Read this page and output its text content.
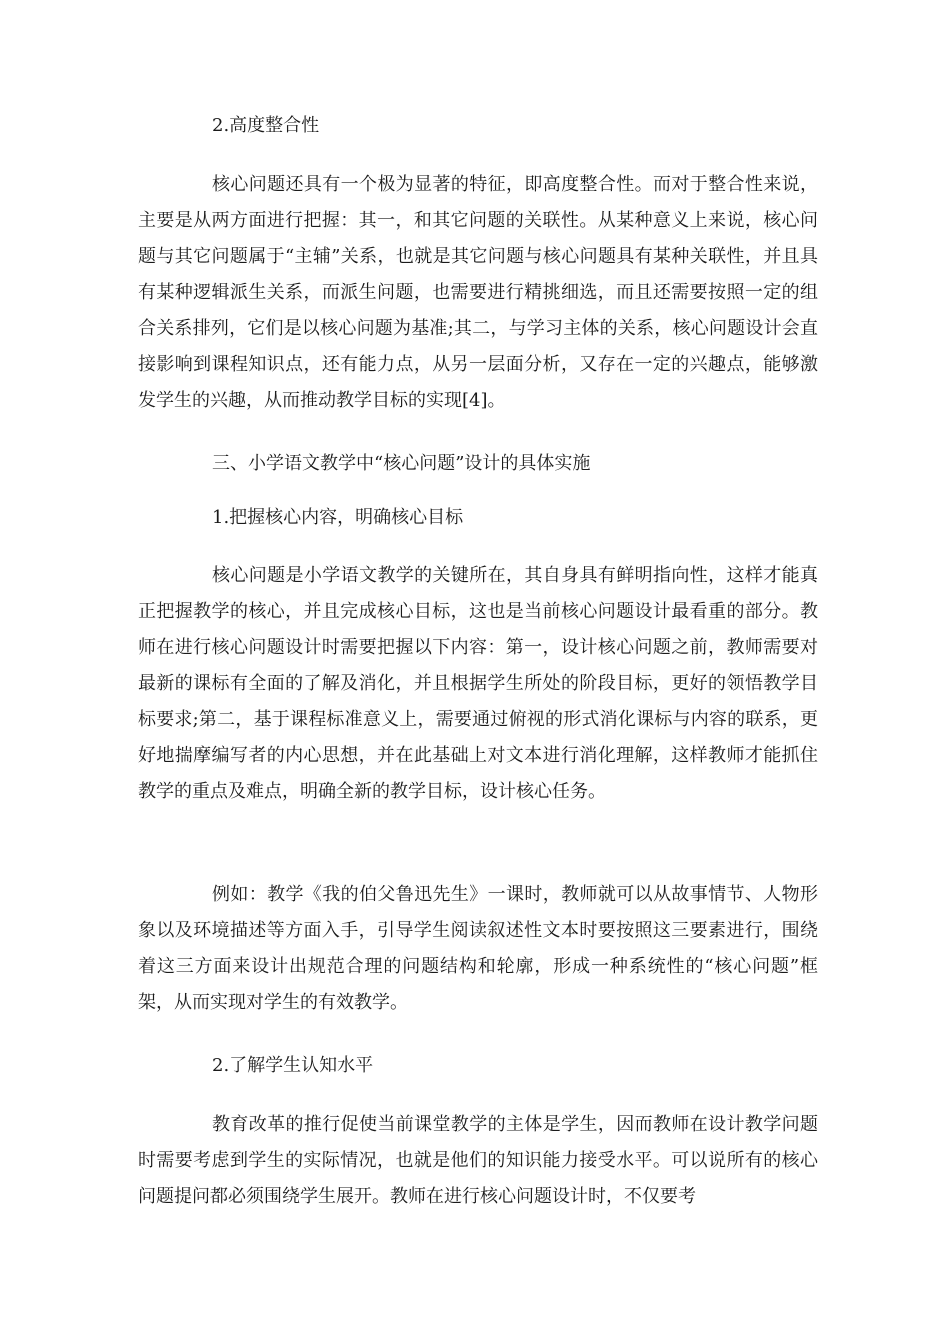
2.高度整合性
核心问题还具有一个极为显著的特征，即高度整合性。而对于整合性来说，主要是从两方面进行把握：其一，和其它问题的关联性。从某种意义上来说，核心问题与其它问题属于“主辅”关系，也就是其它问题与核心问题具有某种关联性，并且具有某种逻辑派生关系，而派生问题，也需要进行精挑细选，而且还需要按照一定的组合关系排列，它们是以核心问题为基准;其二，与学习主体的关系，核心问题设计会直接影响到课程知识点，还有能力点，从另一层面分析，又存在一定的兴趣点，能够激发学生的兴趣，从而推动教学目标的实现[4]。
三、小学语文教学中“核心问题”设计的具体实施
1.把握核心内容，明确核心目标
核心问题是小学语文教学的关键所在，其自身具有鲜明指向性，这样才能真正把握教学的核心，并且完成核心目标，这也是当前核心问题设计最看重的部分。教师在进行核心问题设计时需要把握以下内容：第一，设计核心问题之前，教师需要对最新的课标有全面的了解及消化，并且根据学生所处的阶段目标，更好的领悟教学目标要求;第二，基于课程标准意义上，需要通过俯视的形式消化课标与内容的联系，更好地揣摩编写者的内心思想，并在此基础上对文本进行消化理解，这样教师才能抓住教学的重点及难点，明确全新的教学目标，设计核心任务。
例如：教学《我的伯父鲁迅先生》一课时，教师就可以从故事情节、人物形象以及环境描述等方面入手，引导学生阅读叙述性文本时要按照这三要素进行，围绕着这三方面来设计出规范合理的问题结构和轮廓，形成一种系统性的“核心问题”框架，从而实现对学生的有效教学。
2.了解学生认知水平
教育改革的推行促使当前课堂教学的主体是学生，因而教师在设计教学问题时需要考虑到学生的实际情况，也就是他们的知识能力接受水平。可以说所有的核心问题提问都必须围绕学生展开。教师在进行核心问题设计时，不仅要考
